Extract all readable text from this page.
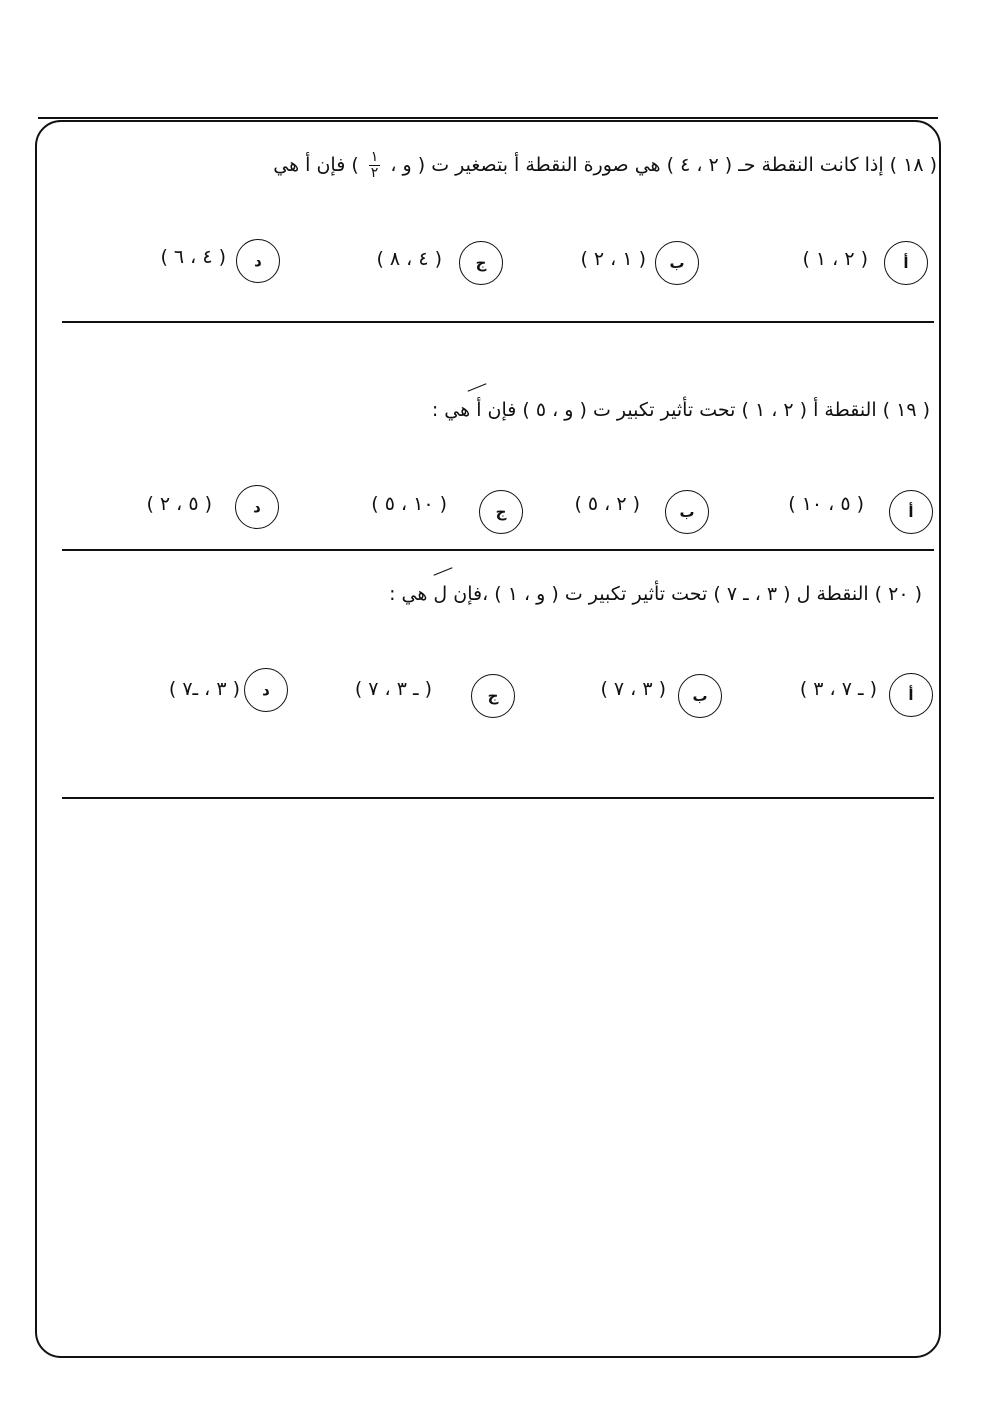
( ١٨ ) إذا كانت النقطة حـ ( ٢ ، ٤ ) هي صورة النقطة أ بتصغير ت ( و ،
$\frac{١}{٢}$
) فإن أ هي
أ
( ٢ ، ١ )
ب
( ١ ، ٢ )
ج
( ٤ ، ٨ )
د
( ٤ ، ٦ )
( ١٩ ) النقطة أ ( ٢ ، ١ ) تحت تأثير تكبير ت ( و ، ٥ ) فإن أ هي :
أ
( ٥ ، ١٠ )
ب
( ٢ ، ٥ )
ج
( ١٠ ، ٥ )
د
( ٥ ، ٢ )
( ٢٠ ) النقطة ل ( ٣ ، ـ ٧ ) تحت تأثير تكبير ت ( و ، ١ ) ،فإن ل هي :
أ
( ـ ٧ ، ٣ )
ب
( ٣ ، ٧ )
ج
( ـ ٣ ، ٧ )
د
( ٣ ، ـ٧ )
